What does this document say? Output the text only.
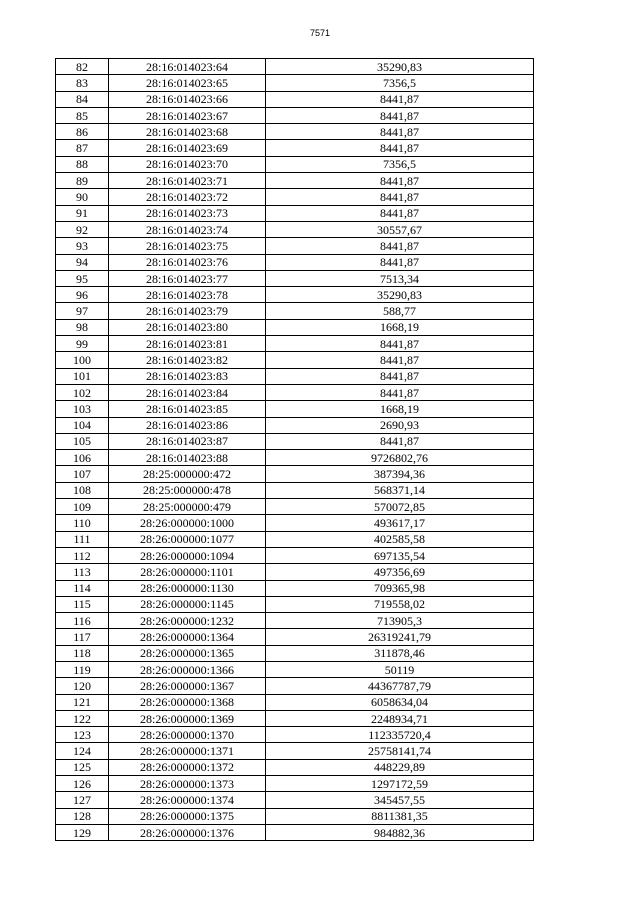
7571
82	28:16:014023:64	35290,83
83	28:16:014023:65	7356,5
84	28:16:014023:66	8441,87
85	28:16:014023:67	8441,87
86	28:16:014023:68	8441,87
87	28:16:014023:69	8441,87
88	28:16:014023:70	7356,5
89	28:16:014023:71	8441,87
90	28:16:014023:72	8441,87
91	28:16:014023:73	8441,87
92	28:16:014023:74	30557,67
93	28:16:014023:75	8441,87
94	28:16:014023:76	8441,87
95	28:16:014023:77	7513,34
96	28:16:014023:78	35290,83
97	28:16:014023:79	588,77
98	28:16:014023:80	1668,19
99	28:16:014023:81	8441,87
100	28:16:014023:82	8441,87
101	28:16:014023:83	8441,87
102	28:16:014023:84	8441,87
103	28:16:014023:85	1668,19
104	28:16:014023:86	2690,93
105	28:16:014023:87	8441,87
106	28:16:014023:88	9726802,76
107	28:25:000000:472	387394,36
108	28:25:000000:478	568371,14
109	28:25:000000:479	570072,85
110	28:26:000000:1000	493617,17
111	28:26:000000:1077	402585,58
112	28:26:000000:1094	697135,54
113	28:26:000000:1101	497356,69
114	28:26:000000:1130	709365,98
115	28:26:000000:1145	719558,02
116	28:26:000000:1232	713905,3
117	28:26:000000:1364	26319241,79
118	28:26:000000:1365	311878,46
119	28:26:000000:1366	50119
120	28:26:000000:1367	44367787,79
121	28:26:000000:1368	6058634,04
122	28:26:000000:1369	2248934,71
123	28:26:000000:1370	112335720,4
124	28:26:000000:1371	25758141,74
125	28:26:000000:1372	448229,89
126	28:26:000000:1373	1297172,59
127	28:26:000000:1374	345457,55
128	28:26:000000:1375	8811381,35
129	28:26:000000:1376	984882,36
